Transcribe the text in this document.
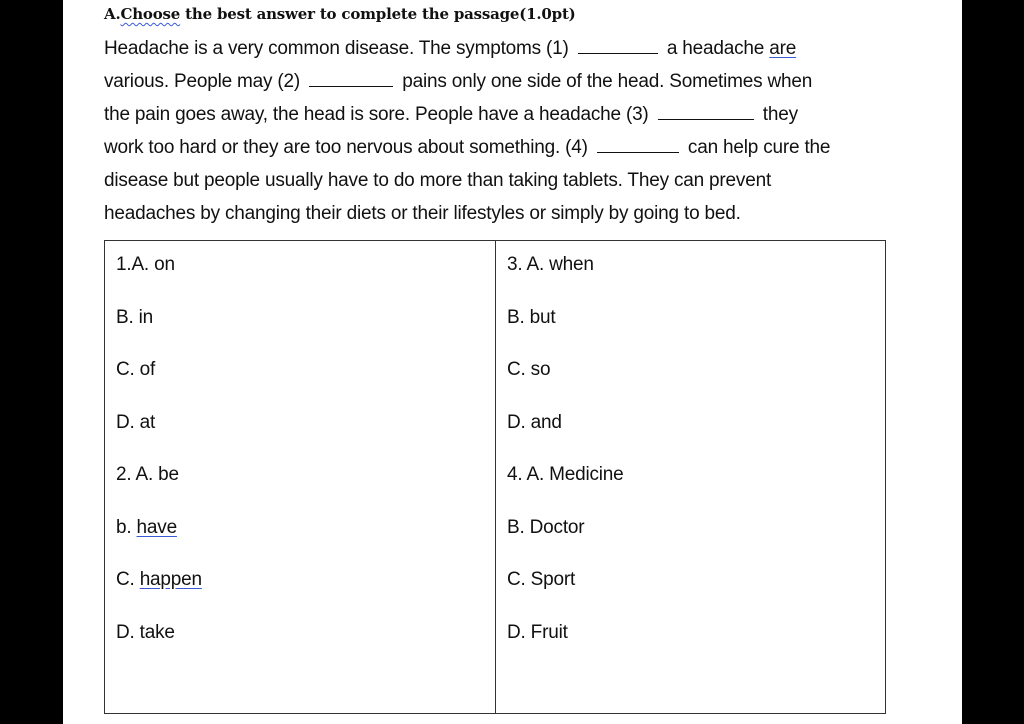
A.Choose the best answer to complete the passage(1.0pt)
Headache is a very common disease. The symptoms (1)	a headache are
various. People may (2)	pains only one side of the head. Sometimes when
the pain goes away, the head is sore. People have a headache (3)	they
work too hard or they are too nervous about something. (4)	can help cure the
disease but people usually have to do more than taking tablets. They can prevent
headaches by changing their diets or their lifestyles or simply by going to bed.
1.A. on
B. in
C. of
D. at
2. A. be
b. have
C. happen
D. take
3. A. when
B. but
C. so
D. and
4. A. Medicine
B. Doctor
C. Sport
D. Fruit
